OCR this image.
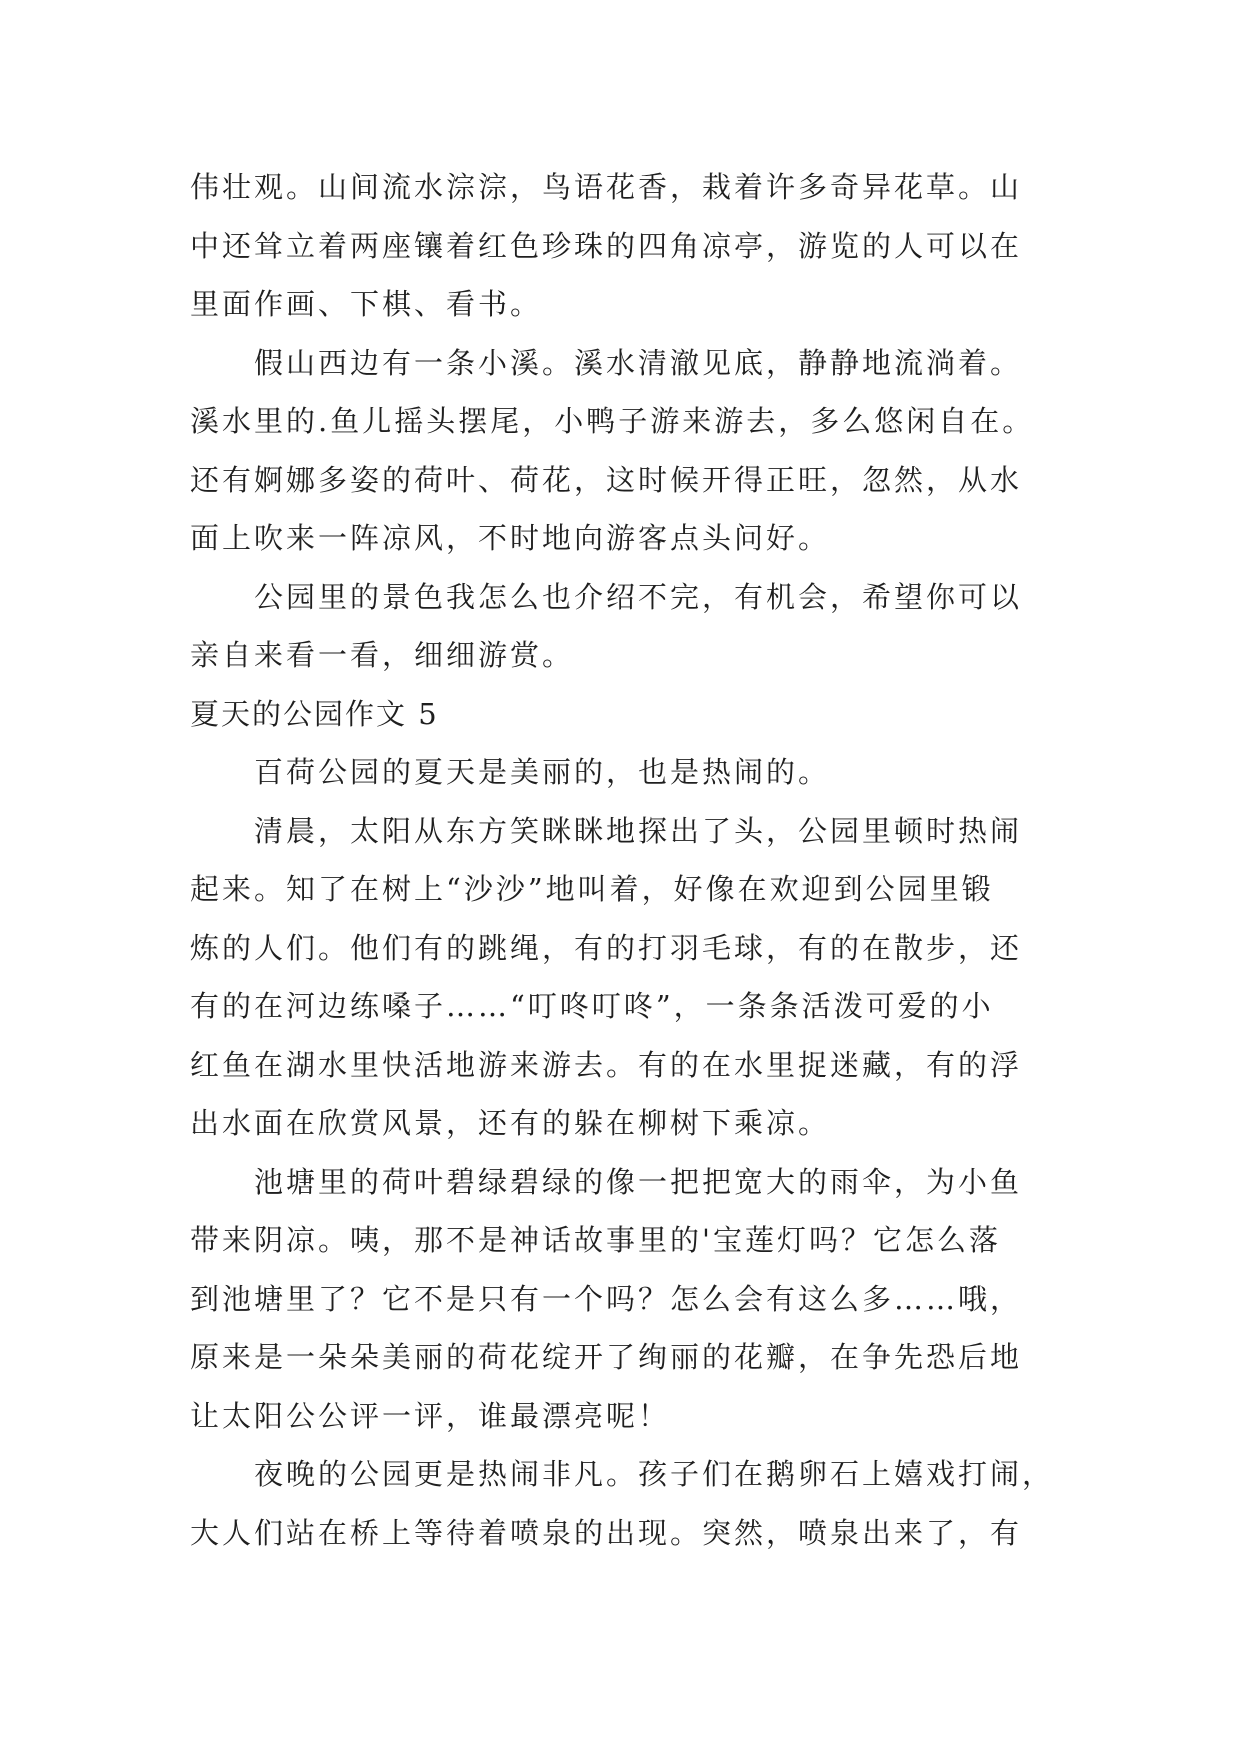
伟壮观。山间流水淙淙，鸟语花香，栽着许多奇异花草。山

中还耸立着两座镶着红色珍珠的四角凉亭，游览的人可以在

里面作画、下棋、看书。

假山西边有一条小溪。溪水清澈见底，静静地流淌着。

溪水里的.鱼儿摇头摆尾，小鸭子游来游去，多么悠闲自在。

还有婀娜多姿的荷叶、荷花，这时候开得正旺，忽然，从水

面上吹来一阵凉风，不时地向游客点头问好。

公园里的景色我怎么也介绍不完，有机会，希望你可以

亲自来看一看，细细游赏。

夏天的公园作文 5

百荷公园的夏天是美丽的，也是热闹的。

清晨，太阳从东方笑眯眯地探出了头，公园里顿时热闹

起来。知了在树上“沙沙”地叫着，好像在欢迎到公园里锻

炼的人们。他们有的跳绳，有的打羽毛球，有的在散步，还

有的在河边练嗓子……“叮咚叮咚”，一条条活泼可爱的小

红鱼在湖水里快活地游来游去。有的在水里捉迷藏，有的浮

出水面在欣赏风景，还有的躲在柳树下乘凉。

池塘里的荷叶碧绿碧绿的像一把把宽大的雨伞，为小鱼

带来阴凉。咦，那不是神话故事里的'宝莲灯吗？它怎么落

到池塘里了？它不是只有一个吗？怎么会有这么多……哦，

原来是一朵朵美丽的荷花绽开了绚丽的花瓣，在争先恐后地

让太阳公公评一评，谁最漂亮呢！

夜晚的公园更是热闹非凡。孩子们在鹅卵石上嬉戏打闹，

大人们站在桥上等待着喷泉的出现。突然，喷泉出来了，有
